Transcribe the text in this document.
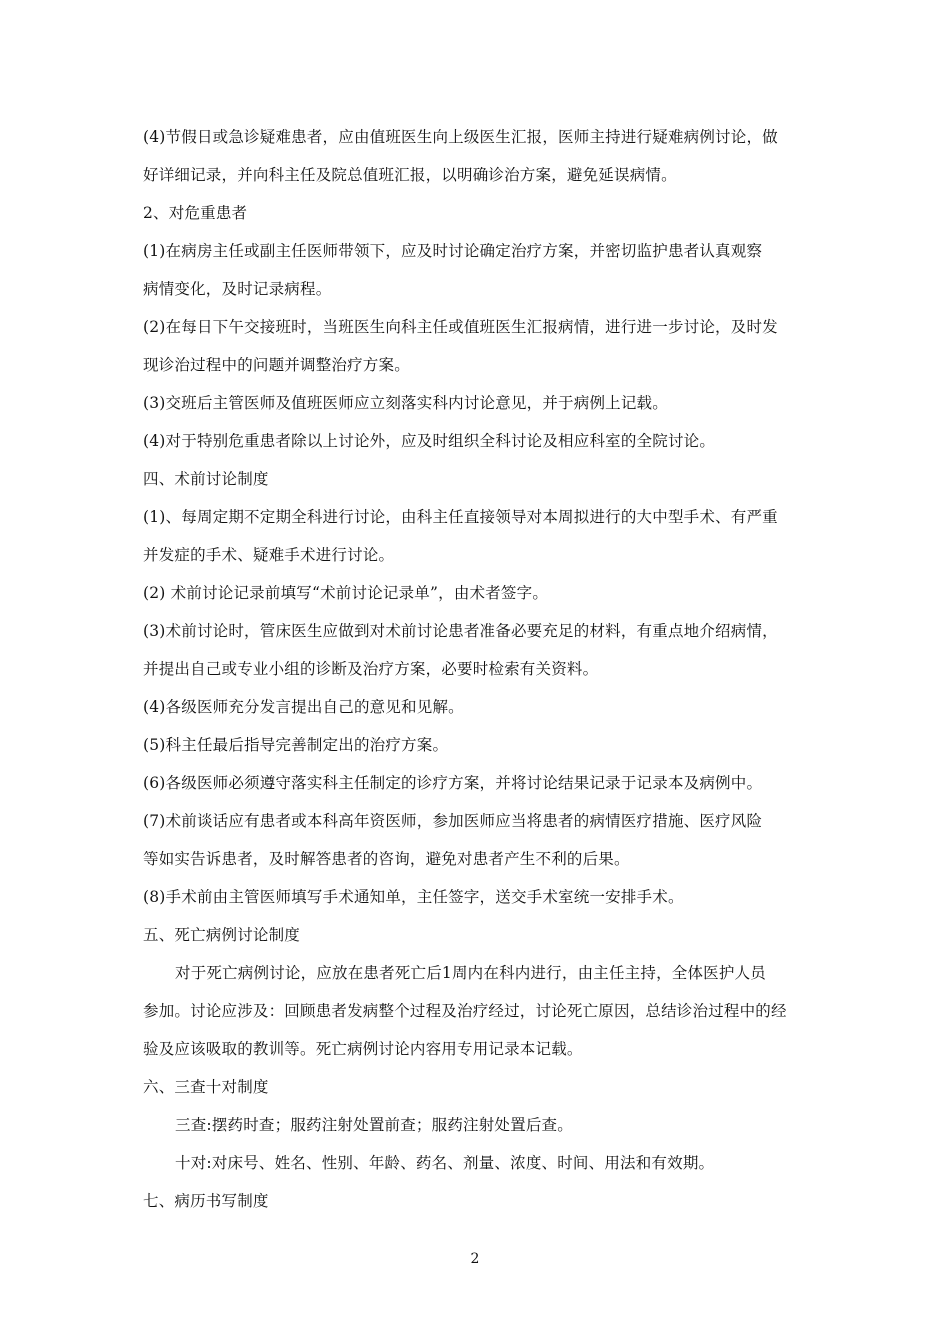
(4)节假日或急诊疑难患者，应由值班医生向上级医生汇报，医师主持进行疑难病例讨论，做
好详细记录，并向科主任及院总值班汇报，以明确诊治方案，避免延误病情。
2、对危重患者
(1)在病房主任或副主任医师带领下，应及时讨论确定治疗方案，并密切监护患者认真观察
病情变化，及时记录病程。
(2)在每日下午交接班时，当班医生向科主任或值班医生汇报病情，进行进一步讨论，及时发
现诊治过程中的问题并调整治疗方案。
(3)交班后主管医师及值班医师应立刻落实科内讨论意见，并于病例上记载。
(4)对于特别危重患者除以上讨论外，应及时组织全科讨论及相应科室的全院讨论。
四、术前讨论制度
(1)、每周定期不定期全科进行讨论，由科主任直接领导对本周拟进行的大中型手术、有严重
并发症的手术、疑难手术进行讨论。
(2) 术前讨论记录前填写“术前讨论记录单”，由术者签字。
(3)术前讨论时，管床医生应做到对术前讨论患者准备必要充足的材料，有重点地介绍病情，
并提出自己或专业小组的诊断及治疗方案，必要时检索有关资料。
(4)各级医师充分发言提出自己的意见和见解。
(5)科主任最后指导完善制定出的治疗方案。
(6)各级医师必须遵守落实科主任制定的诊疗方案，并将讨论结果记录于记录本及病例中。
(7)术前谈话应有患者或本科高年资医师，参加医师应当将患者的病情医疗措施、医疗风险
等如实告诉患者，及时解答患者的咨询，避免对患者产生不利的后果。
(8)手术前由主管医师填写手术通知单，主任签字，送交手术室统一安排手术。
五、死亡病例讨论制度
对于死亡病例讨论，应放在患者死亡后1周内在科内进行，由主任主持，全体医护人员
参加。讨论应涉及：回顾患者发病整个过程及治疗经过，讨论死亡原因，总结诊治过程中的经
验及应该吸取的教训等。死亡病例讨论内容用专用记录本记载。
六、三查十对制度
三查:摆药时查；服药注射处置前查；服药注射处置后查。
十对:对床号、姓名、性别、年龄、药名、剂量、浓度、时间、用法和有效期。
七、病历书写制度
2
